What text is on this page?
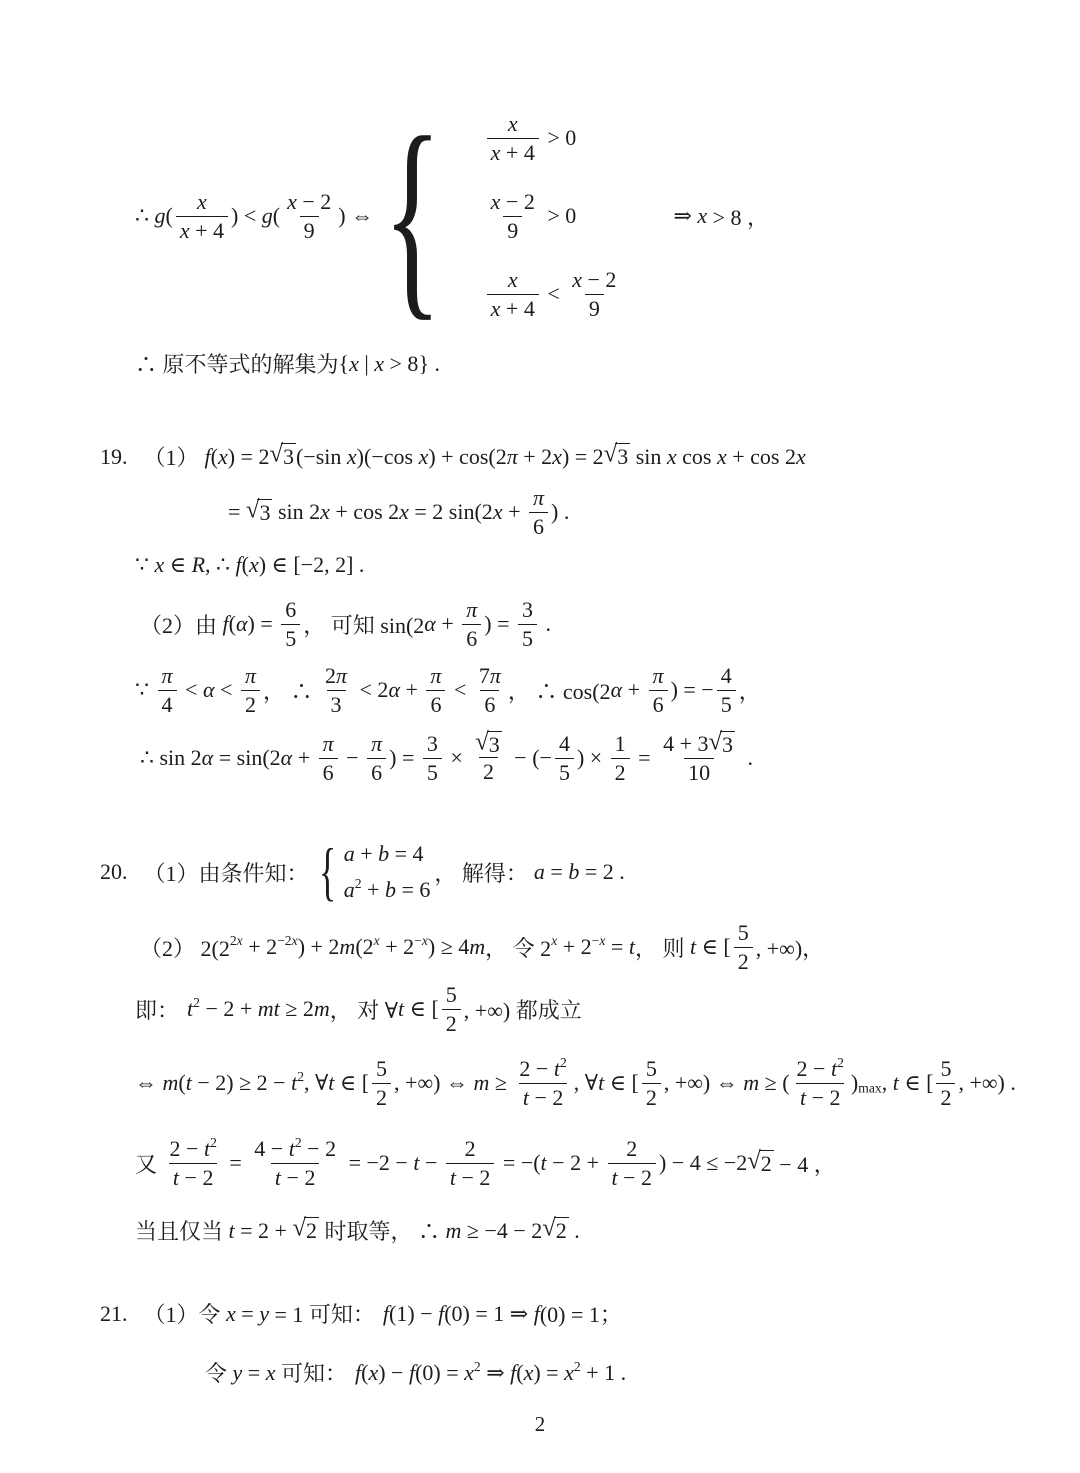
∴ g ( $\frac{x}{x + 4}$ ) < g ( $\frac{x - 2}{9}$ ) ⇔ { $\frac{x}{x + 4} > 0$
$\frac{x - 2}{9} > 0$
$\frac{x}{x + 4} < \frac{x - 2}{9}$
⇒ x > 8 ，
∴ 原不等式的解集为 { x | x > 8 } .
19. （1） f ( x ) = 2 √ 3 (−sin x )(−cos x ) + cos(2 π + 2 x ) = 2 √ 3 sin x cos x + cos 2 x
= √ 3 sin 2 x + cos 2 x = 2 sin(2 $x + \frac{\pi}{6}$ ) .
∵ x ∈ R , ∴ f ( x ) ∈ [−2, 2] .
（2）由 f ( α ) = $\frac{6}{5}$ ， 可知 sin(2 $\alpha + \frac{\pi}{6}$ ) = $\frac{3}{5}$ .
∵ $\frac{\pi}{4} < \alpha < \frac{\pi}{2}$ ， ∴ $\frac{2 \pi}{3} < 2$ $\alpha + \frac{\pi}{6} < \frac{7 \pi}{6}$ ， ∴ cos(2 $\alpha + \frac{\pi}{6}$ ) = − $\frac{4}{5}$ ，
∴ sin 2 α = sin(2 $\alpha + \frac{\pi}{6} - \frac{\pi}{6}$ ) = $\frac{3}{5} \times \frac{√ 3}{2}$ − (− $\frac{4}{5}$ ) × $\frac{1}{2} = \frac{4 + 3 √ 3}{10}$ .
20. （1）由条件知： { a + b = 4
a 2 + b = 6
， 解得： a = b = 2 .
（2） 2(2 2x + 2 −2x ) + 2 m (2 x + 2 −x ) ≥ 4 m ， 令 2 x + 2 −x = t ， 则 t ∈ [ $\frac{5}{2}$ , +∞)，
即： t 2 − 2 + mt ≥ 2 m ， 对 ∀ t ∈ [ $\frac{5}{2}$ , +∞) 都成立
⇔ m ( t − 2) ≥ 2 − t 2 , ∀ t ∈ [ $\frac{5}{2}$ , +∞) ⇔ $m \ge \frac{2 - t 2}{t - 2}$ , ∀ t ∈ [ $\frac{5}{2}$ , +∞) ⇔ m ≥ ( $\frac{2 - t 2}{t - 2}$ ) max , t ∈ [ $\frac{5}{2}$ , +∞) .
又 $\frac{2 - t 2}{t - 2} = \frac{4 - t 2 - 2}{t - 2} = -2 - t - \frac{2}{t - 2}$ = −( $t - 2 + \frac{2}{t - 2}$ ) − 4 ≤ −2 √ 2 − 4 ，
当且仅当 t = 2 + √ 2 时取等， ∴ m ≥ −4 − 2 √ 2 .
21. （1）令 x = y = 1 可知： f (1) − f (0) = 1 ⇒ f (0) = 1；
令 y = x 可知： f ( x ) − f (0) = x 2 ⇒ f ( x ) = x 2 + 1 .
2
